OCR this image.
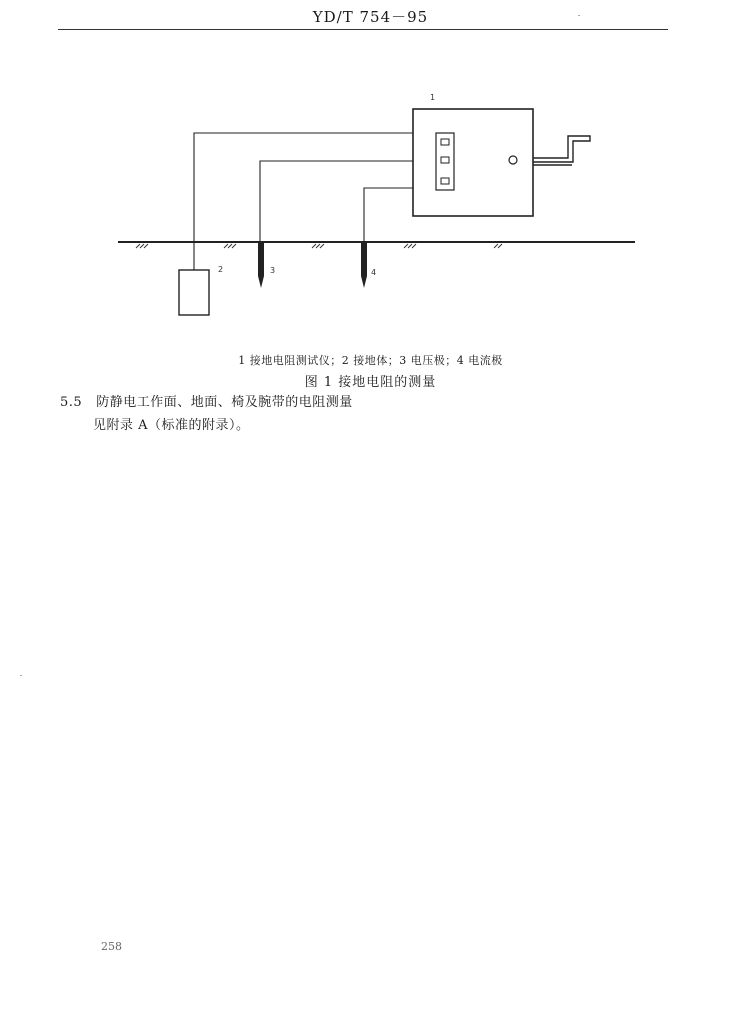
YD/T 754－95
1
2	3	4
1 接地电阻测试仪；2 接地体；3 电压极；4 电流极
图 1 接地电阻的测量
5.5 防静电工作面、地面、椅及腕带的电阻测量
见附录 A（标准的附录）。
258
